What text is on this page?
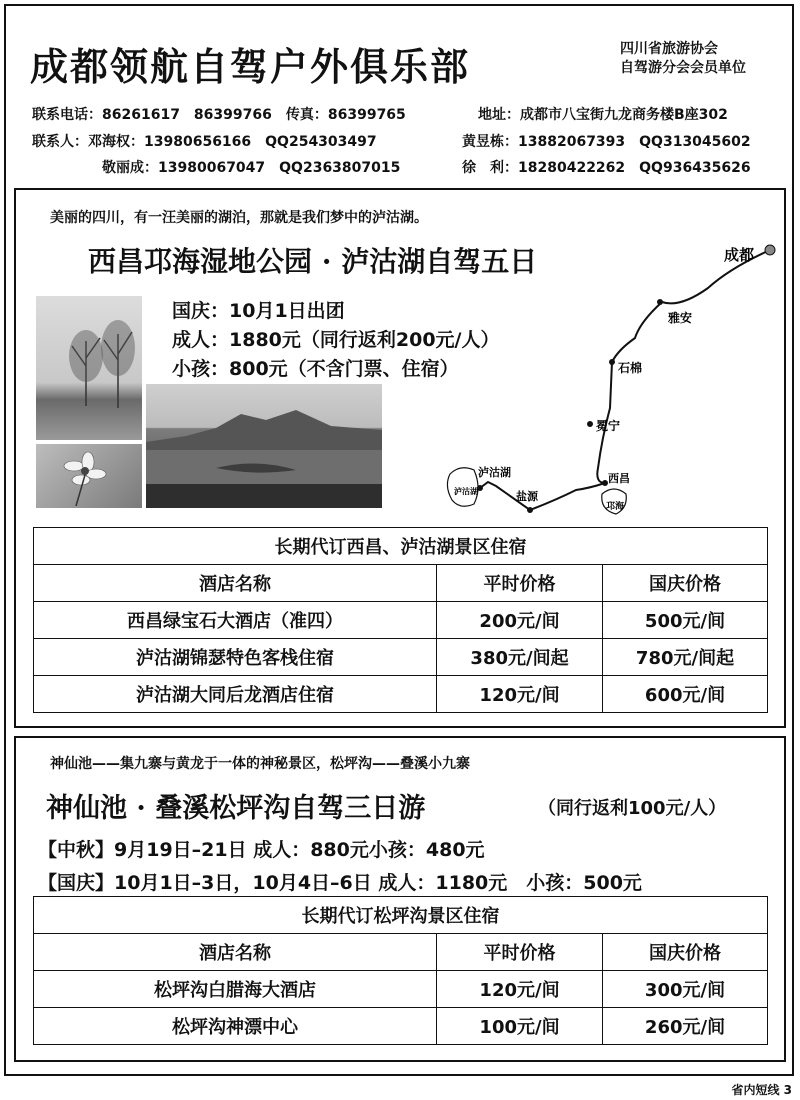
成都领航自驾户外俱乐部	四川省旅游协会
自驾游分会会员单位
联系电话：86261617　86399766　传真：86399765	地址：成都市八宝街九龙商务楼B座302
联系人：邓海权：13980656166　QQ254303497	黄昱栋：13882067393　QQ313045602
敬丽成：13980067047　QQ2363807015	徐　利：18280422262　QQ936435626
美丽的四川，有一汪美丽的湖泊，那就是我们梦中的泸沽湖。
西昌邛海湿地公园 · 泸沽湖自驾五日
国庆：10月1日出团
成人：1880元（同行返利200元/人）
小孩：800元（不含门票、住宿）
成都
雅安
石棉
冕宁
西昌
邛海
泸沽湖
盐源
泸沽湖
长期代订西昌、泸沽湖景区住宿		
酒店名称	平时价格	国庆价格
西昌绿宝石大酒店（准四）	200元/间	500元/间
泸沽湖锦瑟特色客栈住宿	380元/间起	780元/间起
泸沽湖大同后龙酒店住宿	120元/间	600元/间
神仙池——集九寨与黄龙于一体的神秘景区，松坪沟——叠溪小九寨
神仙池 · 叠溪松坪沟自驾三日游	（同行返利100元/人）
【中秋】9月19日–21日 成人：880元小孩：480元
【国庆】10月1日–3日，10月4日–6日 成人：1180元　小孩：500元
长期代订松坪沟景区住宿		
酒店名称	平时价格	国庆价格
松坪沟白腊海大酒店	120元/间	300元/间
松坪沟神漂中心	100元/间	260元/间
省内短线 3
